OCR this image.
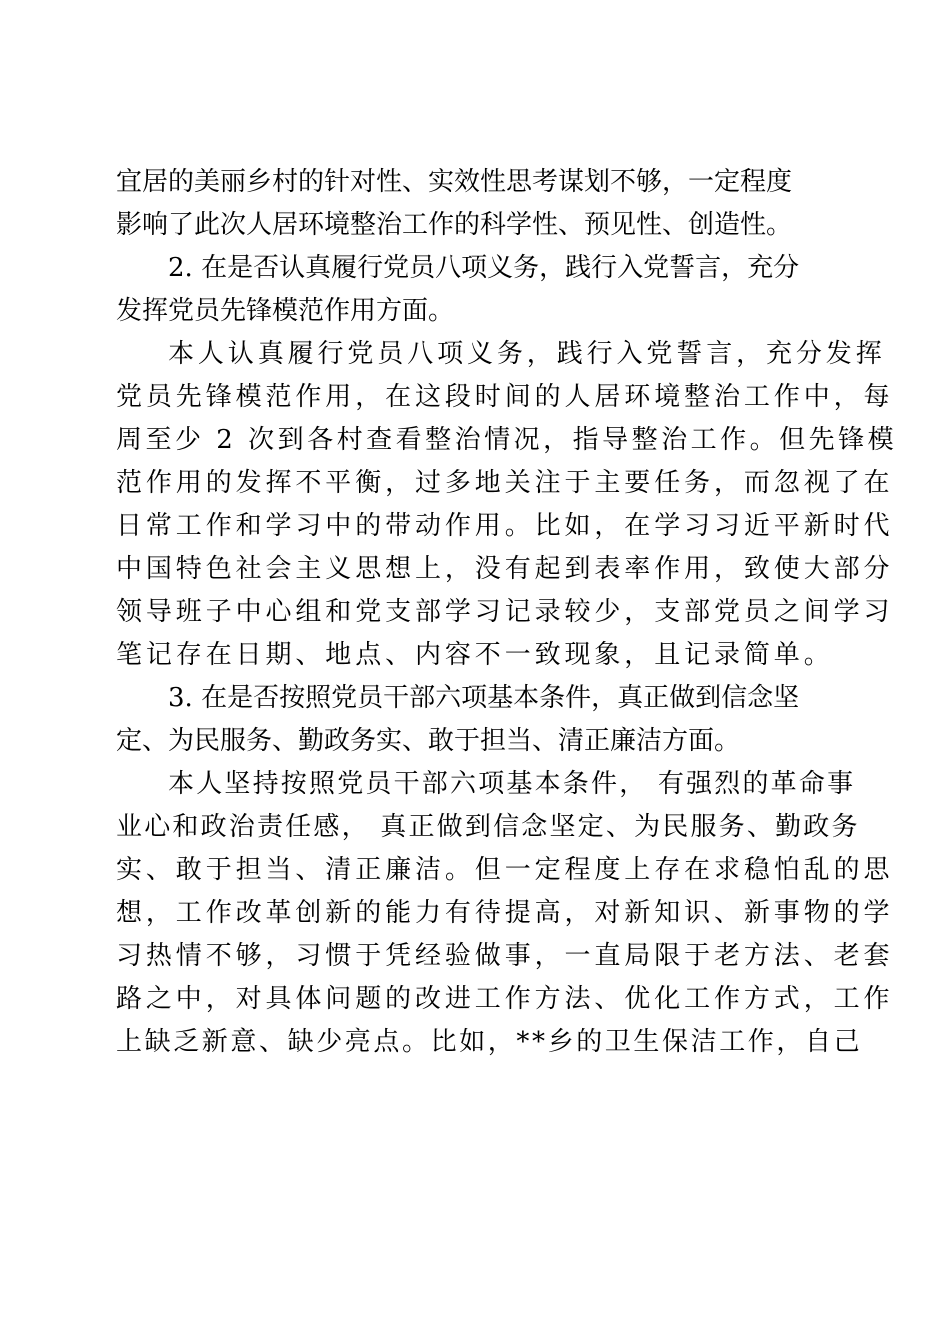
宜居的美丽乡村的针对性、实效性思考谋划不够，一定程度
影响了此次人居环境整治工作的科学性、预见性、创造性。
2. 在是否认真履行党员八项义务，践行入党誓言，充分
发挥党员先锋模范作用方面。
本人认真履行党员八项义务，践行入党誓言，充分发挥
党员先锋模范作用，在这段时间的人居环境整治工作中，每
周至少 2 次到各村查看整治情况，指导整治工作。但先锋模
范作用的发挥不平衡，过多地关注于主要任务，而忽视了在
日常工作和学习中的带动作用。比如，在学习习近平新时代
中国特色社会主义思想上，没有起到表率作用，致使大部分
领导班子中心组和党支部学习记录较少，支部党员之间学习
笔记存在日期、地点、内容不一致现象，且记录简单。
3. 在是否按照党员干部六项基本条件，真正做到信念坚
定、为民服务、勤政务实、敢于担当、清正廉洁方面。
本人坚持按照党员干部六项基本条件， 有强烈的革命事
业心和政治责任感， 真正做到信念坚定、为民服务、勤政务
实、敢于担当、清正廉洁。但一定程度上存在求稳怕乱的思
想，工作改革创新的能力有待提高，对新知识、新事物的学
习热情不够，习惯于凭经验做事，一直局限于老方法、老套
路之中，对具体问题的改进工作方法、优化工作方式，工作
上缺乏新意、缺少亮点。比如，**乡的卫生保洁工作，自己
